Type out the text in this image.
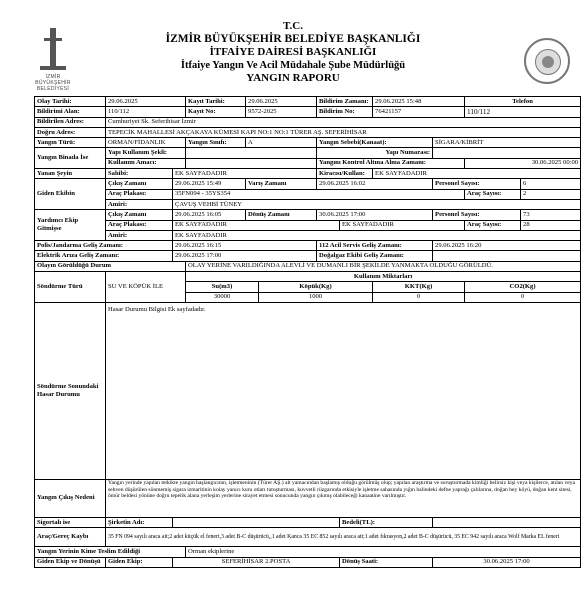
İZMİR BÜYÜKŞEHİR BELEDİYESİ
T.C.
İZMİR BÜYÜKŞEHİR BELEDİYE BAŞKANLIĞI
İTFAİYE DAİRESİ BAŞKANLIĞI
İtfaiye Yangın Ve Acil Müdahale Şube Müdürlüğü
YANGIN RAPORU
Olay Tarihi:	29.06.2025		Kayıt Tarihi:	29.06.2025		Bildirim Zamanı:		29.06.2025 15:48		Telefon	
Bildirimi Alan:	110/112		Kayıt No:	9572-2025		Bildirim No:		76421157		110/112	
Bildirilen Adres:	Cumhuriyet Sk. Seferihisar İzmir										
Doğru Adres:	TEPECİK MAHALLESİ AKÇAKAYA KÜMESİ KAPI NO:1 NO:1 TÜRER AŞ. SEFERİHİSAR										
Yangın Türü:	ORMAN/FİDANLIK		Yangın Sınıfı:	A		Yangın Sebebi(Kanaat):			SİGARA/KİBRİT		
Yangın Binada İse	Yapı Kullanım Şekli:					Yapı Numarası:					
	Kullanım Amacı:					Yangını Kontrol Altına Alma Zamanı:				30.06.2025 00:00	
Yanan Şeyin	Sahibi:	EK SAYFADADIR				Kiracısı/Kullan:		EK SAYFADADIR			
Giden Ekibin	Çıkış Zamanı	29.06.2025 15:49		Varış Zamanı		29.06.2025 16:02			Personel Sayısı:		6
	Araç Plakası:	35FN094 - 35YS354								Araç Sayısı:	2
	Amiri:	ÇAVUŞ VEHBİ TÜNEY									
Yardımcı Ekip Gitmişse	Çıkış Zamanı	29.06.2025 16:05		Dönüş Zamanı		30.06.2025 17:00			Personel Sayısı:		73
	Araç Plakası:	EK SAYFADADIR					EK SAYFADADIR			Araç Sayısı:	28
	Amiri:	EK SAYFADADIR									
Polis/Jandarma Geliş Zamanı:		29.06.2025 16:15				112 Acil Servis Geliş Zamanı:			29.06.2025 16:20		
Elektrik Arıza Geliş Zamanı:		29.06.2025 17:00				Doğalgaz Ekibi Geliş Zamanı:					
Olayın Görüldüğü Durum			OLAY YERİNE VARILDIĞINDA ALEVLİ VE DUMANLI BİR ŞEKİLDE YANMAKTA OLDUĞU GÖRÜLDÜ.								
Söndürme Türü	SU VE KÖPÜK İLE		Kullanım Miktarları								
			Su(m3)		Köpük(Kg)			KKT(Kg)		CO2(Kg)	
			30000		1000			0		0	
Söndürme Sonundaki Hasar Durumu	Hasar Durumu Bilgisi Ek sayfadadır.										
Yangın Çıkış Nedeni	Yangın yerinde yapılan tetkikte yangın başlangıcının, işletmeninin (Türer AŞ.) alt yamacından başlamış olduğu görülmüş olup; yapılan araştırma ve soruşturmada kimliği belirsiz kişi veya kişilerce, atılan veya sebven düşürülen sönmemiş sigara izmaritinin kolay yanıcı kuru otları tutuşturması, kuvvetli rüzgarında etkisiyle işletme sahasında yığın halindeki defne yaprağı çalılarına, doğan bey köyü, doğan kent sitesi, ömür beldesi yönüne doğru tepelik alana yerleşim yerlerine sirayet etmesi sonucunda yangın çıkmış olabileceği kanaatine varılmıştır.										
Sigortalı ise	Şirketin Adı:						Bedeli(TL):				
Araç/Gereç Kaybı	35 FN 094 sayılı araca ait;2 adet küçük el feneri,3 adet B-C düşürücü,,1 adet Kanca 35 EC 852 sayılı araca ait;1 adet fıkrasyon,2 adet B-C düşürücü, 35 EC 942 sayılı araca Wolf Marka EL feneri										
Yangın Yerinin Kime Teslim Edildiği			Orman ekiplerine								
Giden Ekip ve Dönüşü	Giden Ekip:	SEFERİHİSAR 2.POSTA					Dönüş Saati:		30.06.2025 17:00		
